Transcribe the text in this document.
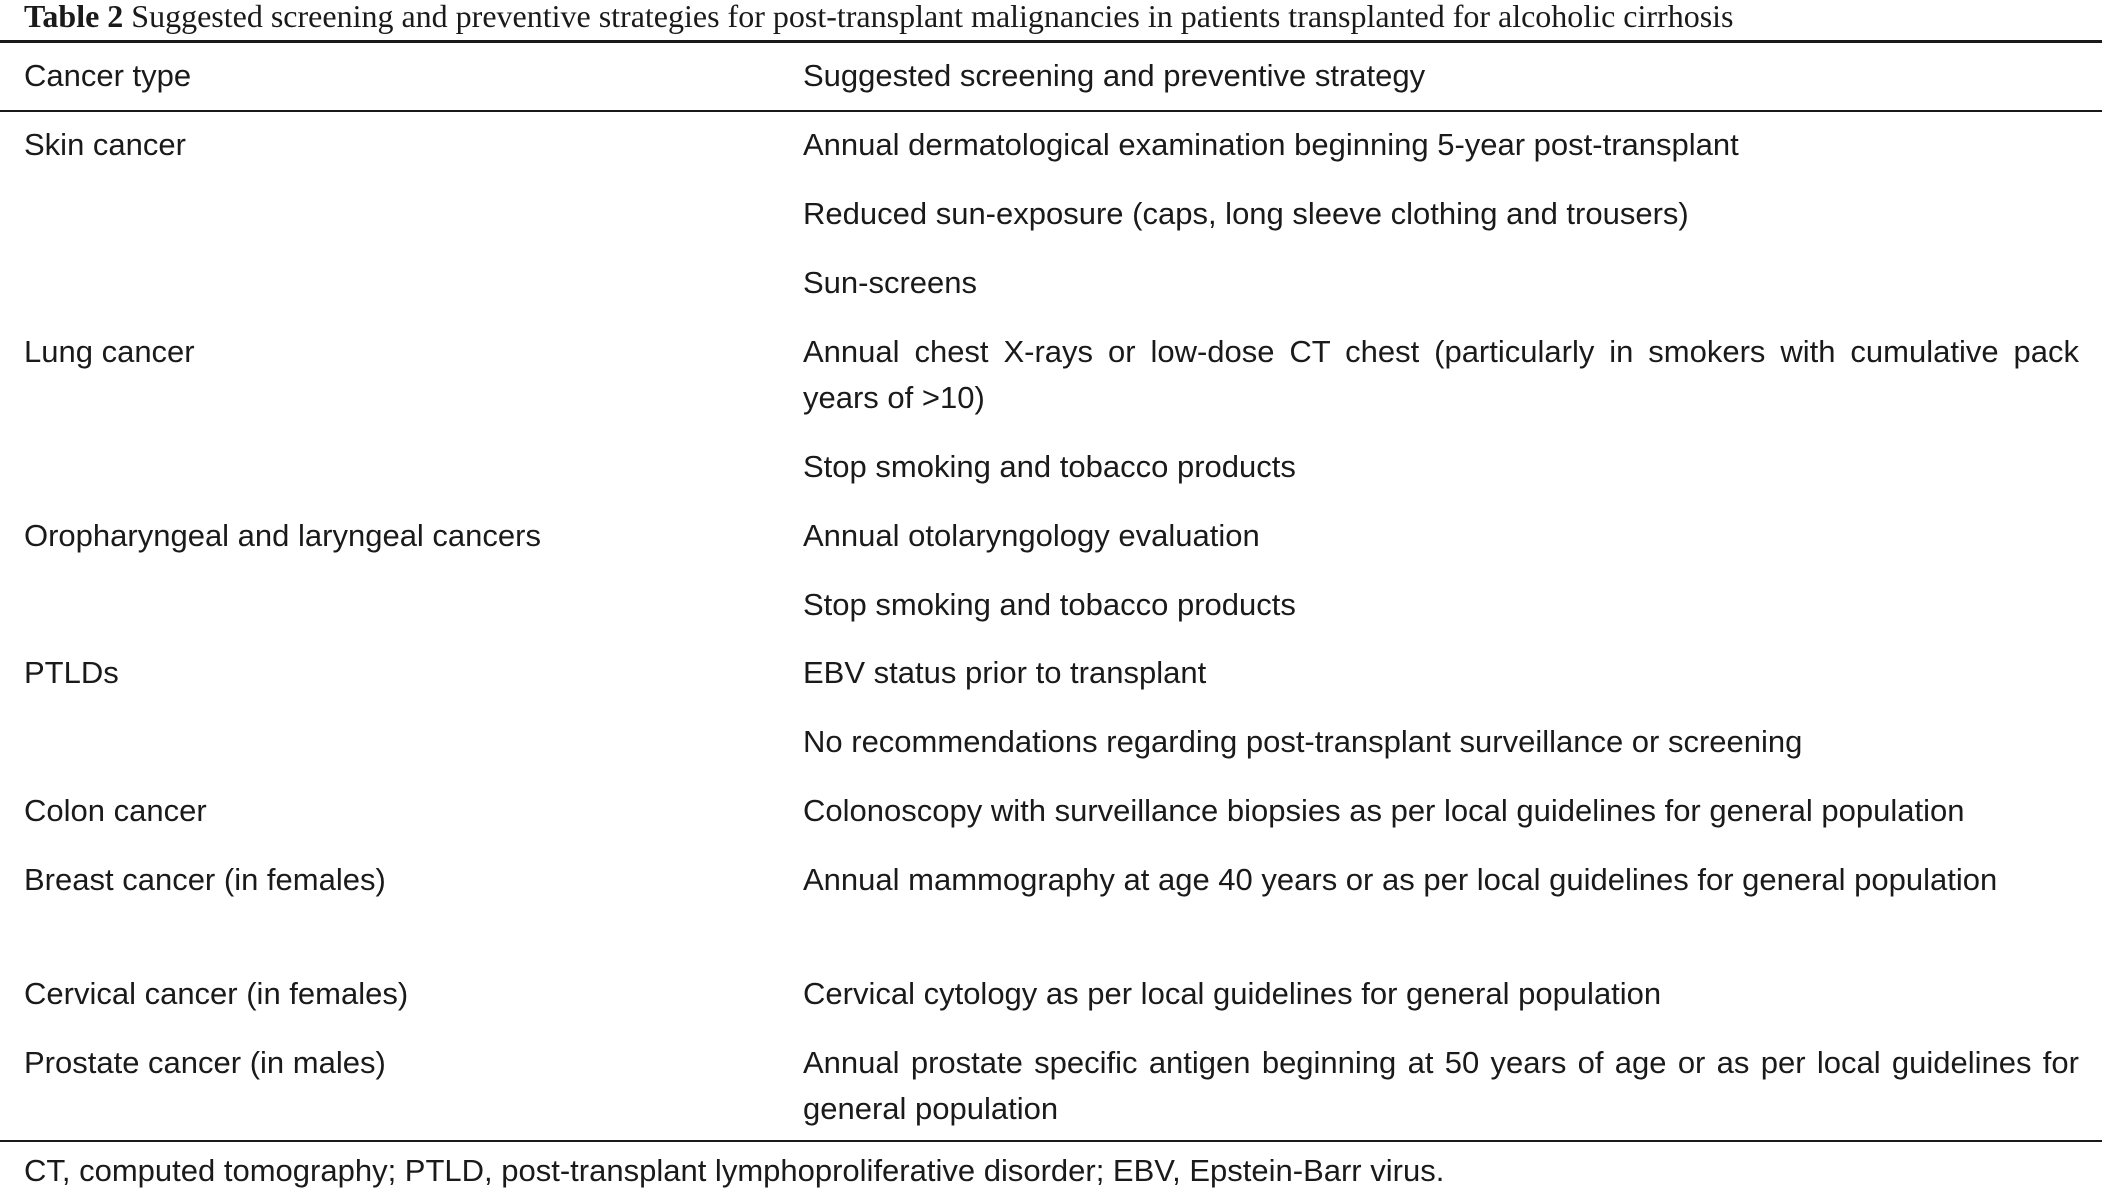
Table 2 Suggested screening and preventive strategies for post-transplant malignancies in patients transplanted for alcoholic cirrhosis
Cancer type	Suggested screening and preventive strategy
Skin cancer	Annual dermatological examination beginning 5-year post-transplant
Reduced sun-exposure (caps, long sleeve clothing and trousers)
Sun-screens
Lung cancer	Annual chest X-rays or low-dose CT chest (particularly in smokers with cumulative pack years of >10)
Stop smoking and tobacco products
Oropharyngeal and laryngeal cancers	Annual otolaryngology evaluation
Stop smoking and tobacco products
PTLDs	EBV status prior to transplant
No recommendations regarding post-transplant surveillance or screening
Colon cancer	Colonoscopy with surveillance biopsies as per local guidelines for general population
Breast cancer (in females)	Annual mammography at age 40 years or as per local guidelines for general population
Cervical cancer (in females)	Cervical cytology as per local guidelines for general population
Prostate cancer (in males)	Annual prostate specific antigen beginning at 50 years of age or as per local guidelines for general population
CT, computed tomography; PTLD, post-transplant lymphoproliferative disorder; EBV, Epstein-Barr virus.
